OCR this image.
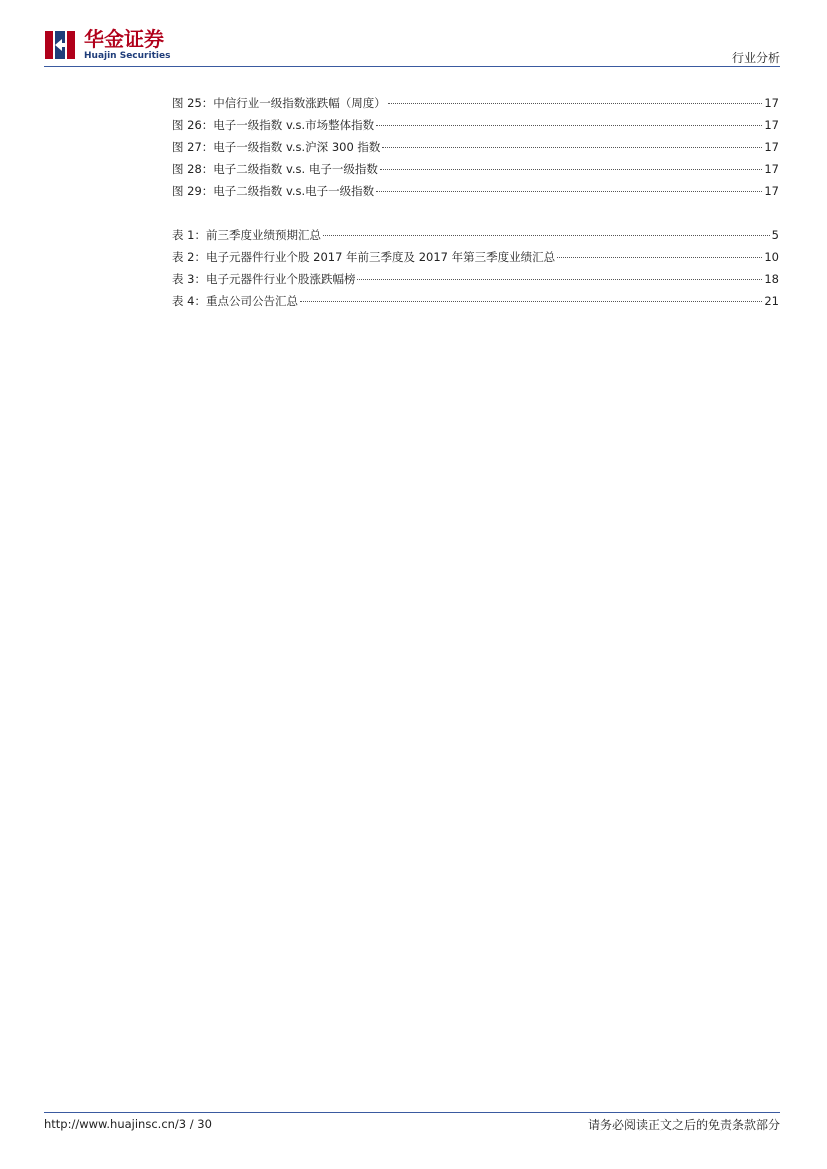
华金证券
Huajin Securities	行业分析
图 25：中信行业一级指数涨跌幅（周度）	17
图 26：电子一级指数 v.s.市场整体指数	17
图 27：电子一级指数 v.s.沪深 300 指数	17
图 28：电子二级指数 v.s. 电子一级指数	17
图 29：电子二级指数 v.s.电子一级指数	17
表 1：前三季度业绩预期汇总	5
表 2：电子元器件行业个股 2017 年前三季度及 2017 年第三季度业绩汇总	10
表 3：电子元器件行业个股涨跌幅榜	18
表 4：重点公司公告汇总	21
http://www.huajinsc.cn/3 / 30	请务必阅读正文之后的免责条款部分
